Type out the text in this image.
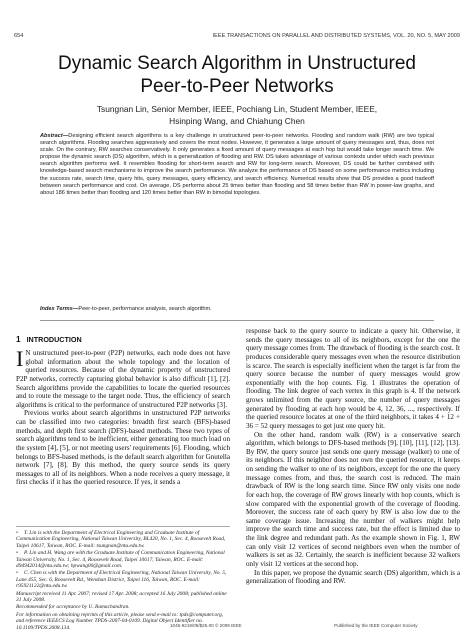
654	IEEE TRANSACTIONS ON PARALLEL AND DISTRIBUTED SYSTEMS, VOL. 20, NO. 5, MAY 2009
Dynamic Search Algorithm in Unstructured
Peer-to-Peer Networks
Tsungnan Lin, Senior Member, IEEE, Pochiang Lin, Student Member, IEEE,
Hsinping Wang, and Chiahung Chen
Abstract—Designing efficient search algorithms is a key challenge in unstructured peer-to-peer networks. Flooding and random walk (RW) are two typical search algorithms. Flooding searches aggressively and covers the most nodes. However, it generates a large amount of query messages and, thus, does not scale. On the contrary, RW searches conservatively. It only generates a fixed amount of query messages at each hop but would take longer search time. We propose the dynamic search (DS) algorithm, which is a generalization of flooding and RW. DS takes advantage of various contexts under which each previous search algorithm performs well. It resembles flooding for short-term search and RW for long-term search. Moreover, DS could be further combined with knowledge-based search mechanisms to improve the search performance. We analyze the performance of DS based on some performance metrics including the success rate, search time, query hits, query messages, query efficiency, and search efficiency. Numerical results show that DS provides a good tradeoff between search performance and cost. On average, DS performs about 25 times better than flooding and 58 times better than RW in power-law graphs, and about 186 times better than flooding and 120 times better than RW in bimodal topologies.
Index Terms—Peer-to-peer, performance analysis, search algorithm.
1 INTRODUCTION

I N unstructured peer-to-peer (P2P) networks, each node does not have global information about the whole topology and the location of queried resources. Because of the dynamic property of unstructured P2P networks, correctly capturing global behavior is also difficult [1], [2]. Search algorithms provide the capabilities to locate the queried resources and to route the message to the target node. Thus, the efficiency of search algorithms is critical to the performance of unstructured P2P networks [3].

Previous works about search algorithms in unstructured P2P networks can be classified into two categories: breadth first search (BFS)-based methods, and depth first search (DFS)-based methods. These two types of search algorithms tend to be inefficient, either generating too much load on the system [4], [5], or not meeting users' requirements [6]. Flooding, which belongs to BFS-based methods, is the default search algorithm for Gnutella network [7], [8]. By this method, the query source sends its query messages to all of its neighbors. When a node receives a query message, it first checks if it has the queried resource. If yes, it sends a

• T. Lin is with the Department of Electrical Engineering and Graduate Institute of Communication Engineering, National Taiwan University, BL420, No. 1, Sec. 4, Roosevelt Road, Taipei 10617, Taiwan, ROC. E-mail: tsungnan@ntu.edu.tw.

• P. Lin and H. Wang are with the Graduate Institute of Communication Engineering, National Taiwan University, No. 1, Sec. 4, Roosevelt Road, Taipei 10617, Taiwan, ROC. E-mail: d94942014@ntu.edu.tw; hpwang00@gmail.com.

• C. Chen is with the Department of Electrical Engineering, National Taiwan University, No. 5, Lane 455, Sec. 6, Roosevelt Rd., Wenshan District, Taipei 116, Taiwan, ROC. E-mail: r95921122@ntu.edu.tw.

Manuscript received 11 Apr. 2007; revised 17 Apr. 2008; accepted 16 July 2008; published online 31 July 2008.

Recommended for acceptance by U. Ramachandran.

For information on obtaining reprints of this article, please send e-mail to: tpds@computer.org, and reference IEEECS Log Number TPDS-2007-04-0109. Digital Object Identifier no. 10.1109/TPDS.2008.134.

response back to the query source to indicate a query hit. Otherwise, it sends the query messages to all of its neighbors, except for the one the query message comes from. The drawback of flooding is the search cost. It produces considerable query messages even when the resource distribution is scarce. The search is especially inefficient when the target is far from the query source because the number of query messages would grow exponentially with the hop counts. Fig. 1 illustrates the operation of flooding. The link degree of each vertex in this graph is 4. If the network grows unlimited from the query source, the number of query messages generated by flooding at each hop would be 4, 12, 36, ..., respectively. If the queried resource locates at one of the third neighbors, it takes 4 + 12 + 36 = 52 query messages to get just one query hit.

On the other hand, random walk (RW) is a conservative search algorithm, which belongs to DFS-based methods [9], [10], [11], [12], [13]. By RW, the query source just sends one query message (walker) to one of its neighbors. If this neighbor does not own the queried resource, it keeps on sending the walker to one of its neighbors, except for the one the query message comes from, and thus, the search cost is reduced. The main drawback of RW is the long search time. Since RW only visits one node for each hop, the coverage of RW grows linearly with hop counts, which is slow compared with the exponential growth of the coverage of flooding. Moreover, the success rate of each query by RW is also low due to the same coverage issue. Increasing the number of walkers might help improve the search time and success rate, but the effect is limited due to the link degree and redundant path. As the example shown in Fig. 1, RW can only visit 12 vertices of second neighbors even when the number of walkers is set as 32. Certainly, the search is inefficient because 32 walkers only visit 12 vertices at the second hop.

In this paper, we propose the dynamic search (DS) algorithm, which is a generalization of flooding and RW.

1045-9219/09/$25.00 © 2009 IEEE	Published by the IEEE Computer Society
